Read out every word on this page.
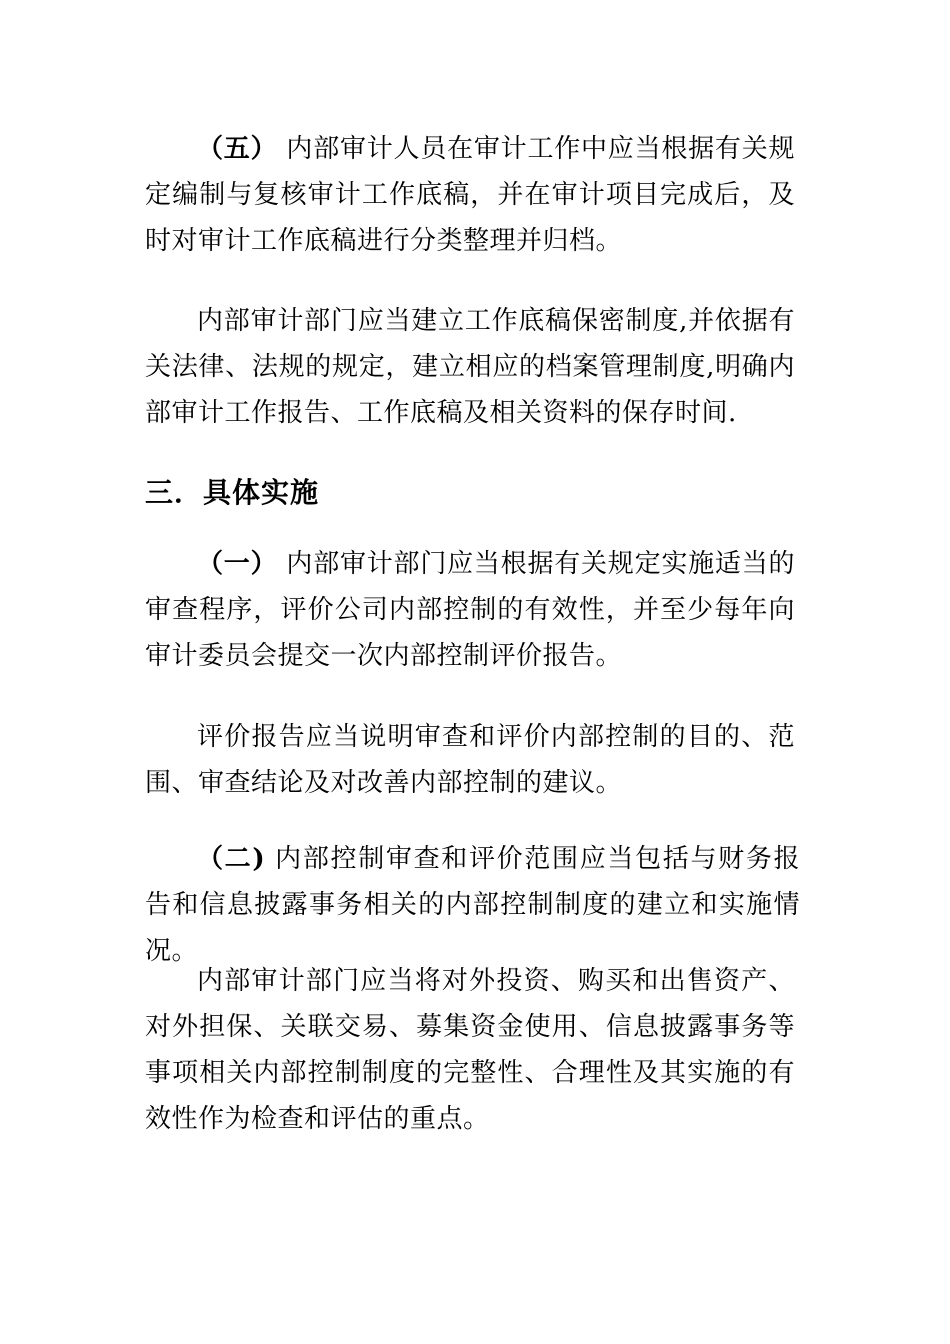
（五） 内部审计人员在审计工作中应当根据有关规定编制与复核审计工作底稿，并在审计项目完成后，及时对审计工作底稿进行分类整理并归档。

内部审计部门应当建立工作底稿保密制度,并依据有关法律、法规的规定，建立相应的档案管理制度,明确内部审计工作报告、工作底稿及相关资料的保存时间.

三．具体实施

（一） 内部审计部门应当根据有关规定实施适当的审查程序，评价公司内部控制的有效性，并至少每年向审计委员会提交一次内部控制评价报告。

评价报告应当说明审查和评价内部控制的目的、范围、审查结论及对改善内部控制的建议。

（二) 内部控制审查和评价范围应当包括与财务报告和信息披露事务相关的内部控制制度的建立和实施情况。

内部审计部门应当将对外投资、购买和出售资产、对外担保、关联交易、募集资金使用、信息披露事务等事项相关内部控制制度的完整性、合理性及其实施的有效性作为检查和评估的重点。
